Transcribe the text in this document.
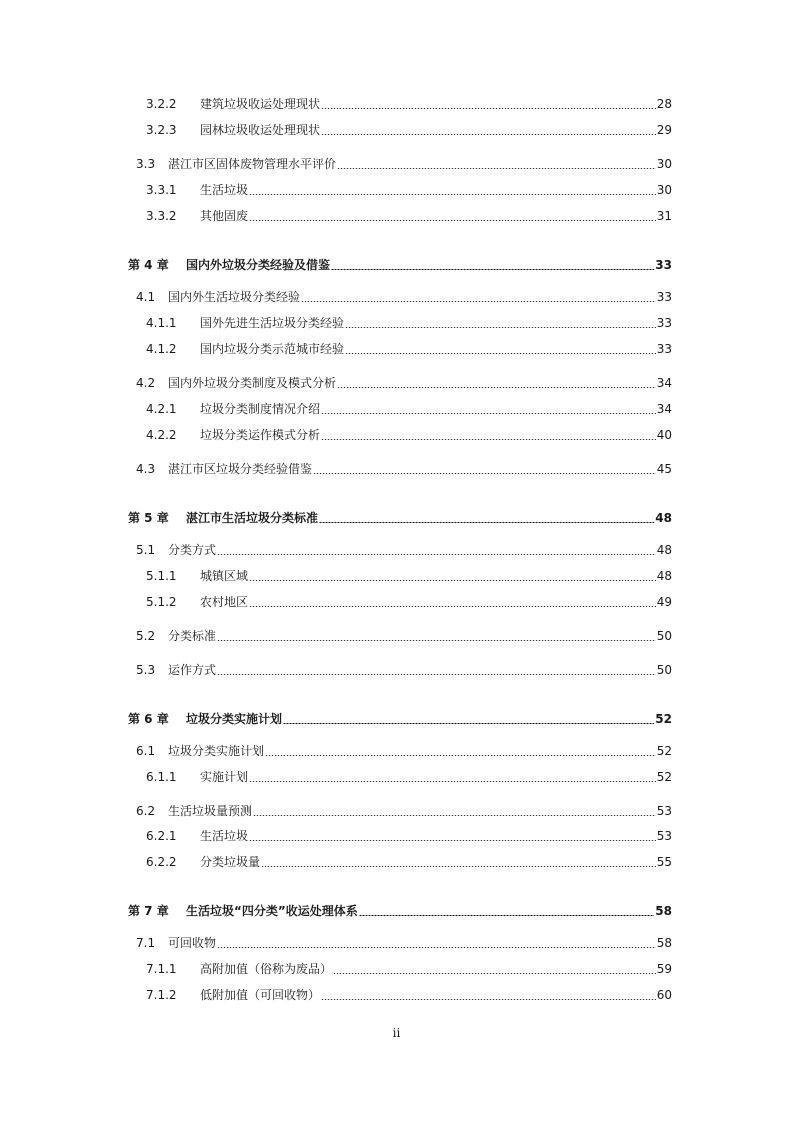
3.2.2	建筑垃圾收运处理现状	28
3.2.3	园林垃圾收运处理现状	29
3.3	湛江市区固体废物管理水平评价	30
3.3.1	生活垃圾	30
3.3.2	其他固废	31
第 4 章	国内外垃圾分类经验及借鉴	33
4.1	国内外生活垃圾分类经验	33
4.1.1	国外先进生活垃圾分类经验	33
4.1.2	国内垃圾分类示范城市经验	33
4.2	国内外垃圾分类制度及模式分析	34
4.2.1	垃圾分类制度情况介绍	34
4.2.2	垃圾分类运作模式分析	40
4.3	湛江市区垃圾分类经验借鉴	45
第 5 章	湛江市生活垃圾分类标准	48
5.1	分类方式	48
5.1.1	城镇区域	48
5.1.2	农村地区	49
5.2	分类标准	50
5.3	运作方式	50
第 6 章	垃圾分类实施计划	52
6.1	垃圾分类实施计划	52
6.1.1	实施计划	52
6.2	生活垃圾量预测	53
6.2.1	生活垃圾	53
6.2.2	分类垃圾量	55
第 7 章	生活垃圾“四分类”收运处理体系	58
7.1	可回收物	58
7.1.1	高附加值（俗称为废品）	59
7.1.2	低附加值（可回收物）	60
ii
